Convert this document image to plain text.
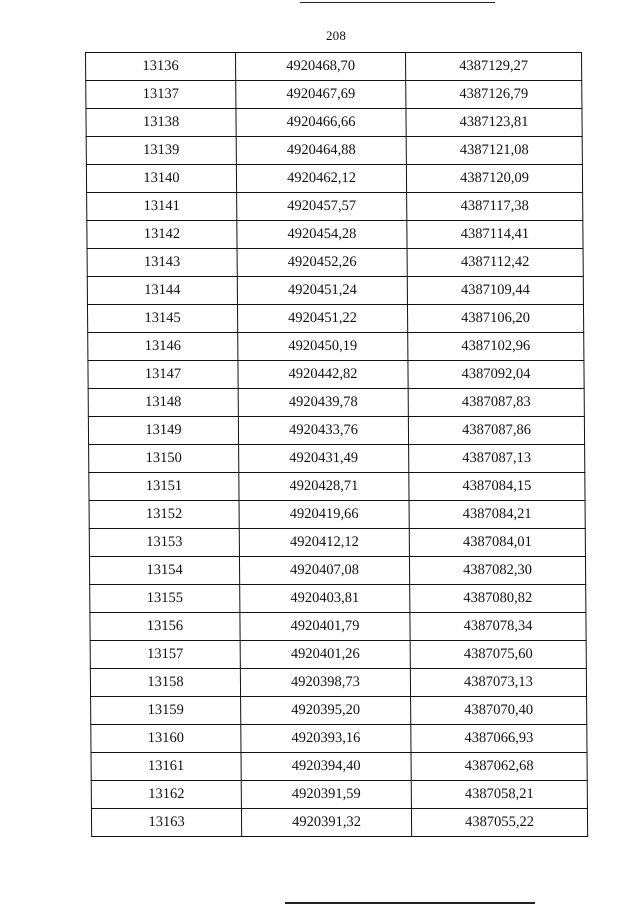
208
13136	4920468,70	4387129,27
13137	4920467,69	4387126,79
13138	4920466,66	4387123,81
13139	4920464,88	4387121,08
13140	4920462,12	4387120,09
13141	4920457,57	4387117,38
13142	4920454,28	4387114,41
13143	4920452,26	4387112,42
13144	4920451,24	4387109,44
13145	4920451,22	4387106,20
13146	4920450,19	4387102,96
13147	4920442,82	4387092,04
13148	4920439,78	4387087,83
13149	4920433,76	4387087,86
13150	4920431,49	4387087,13
13151	4920428,71	4387084,15
13152	4920419,66	4387084,21
13153	4920412,12	4387084,01
13154	4920407,08	4387082,30
13155	4920403,81	4387080,82
13156	4920401,79	4387078,34
13157	4920401,26	4387075,60
13158	4920398,73	4387073,13
13159	4920395,20	4387070,40
13160	4920393,16	4387066,93
13161	4920394,40	4387062,68
13162	4920391,59	4387058,21
13163	4920391,32	4387055,22
